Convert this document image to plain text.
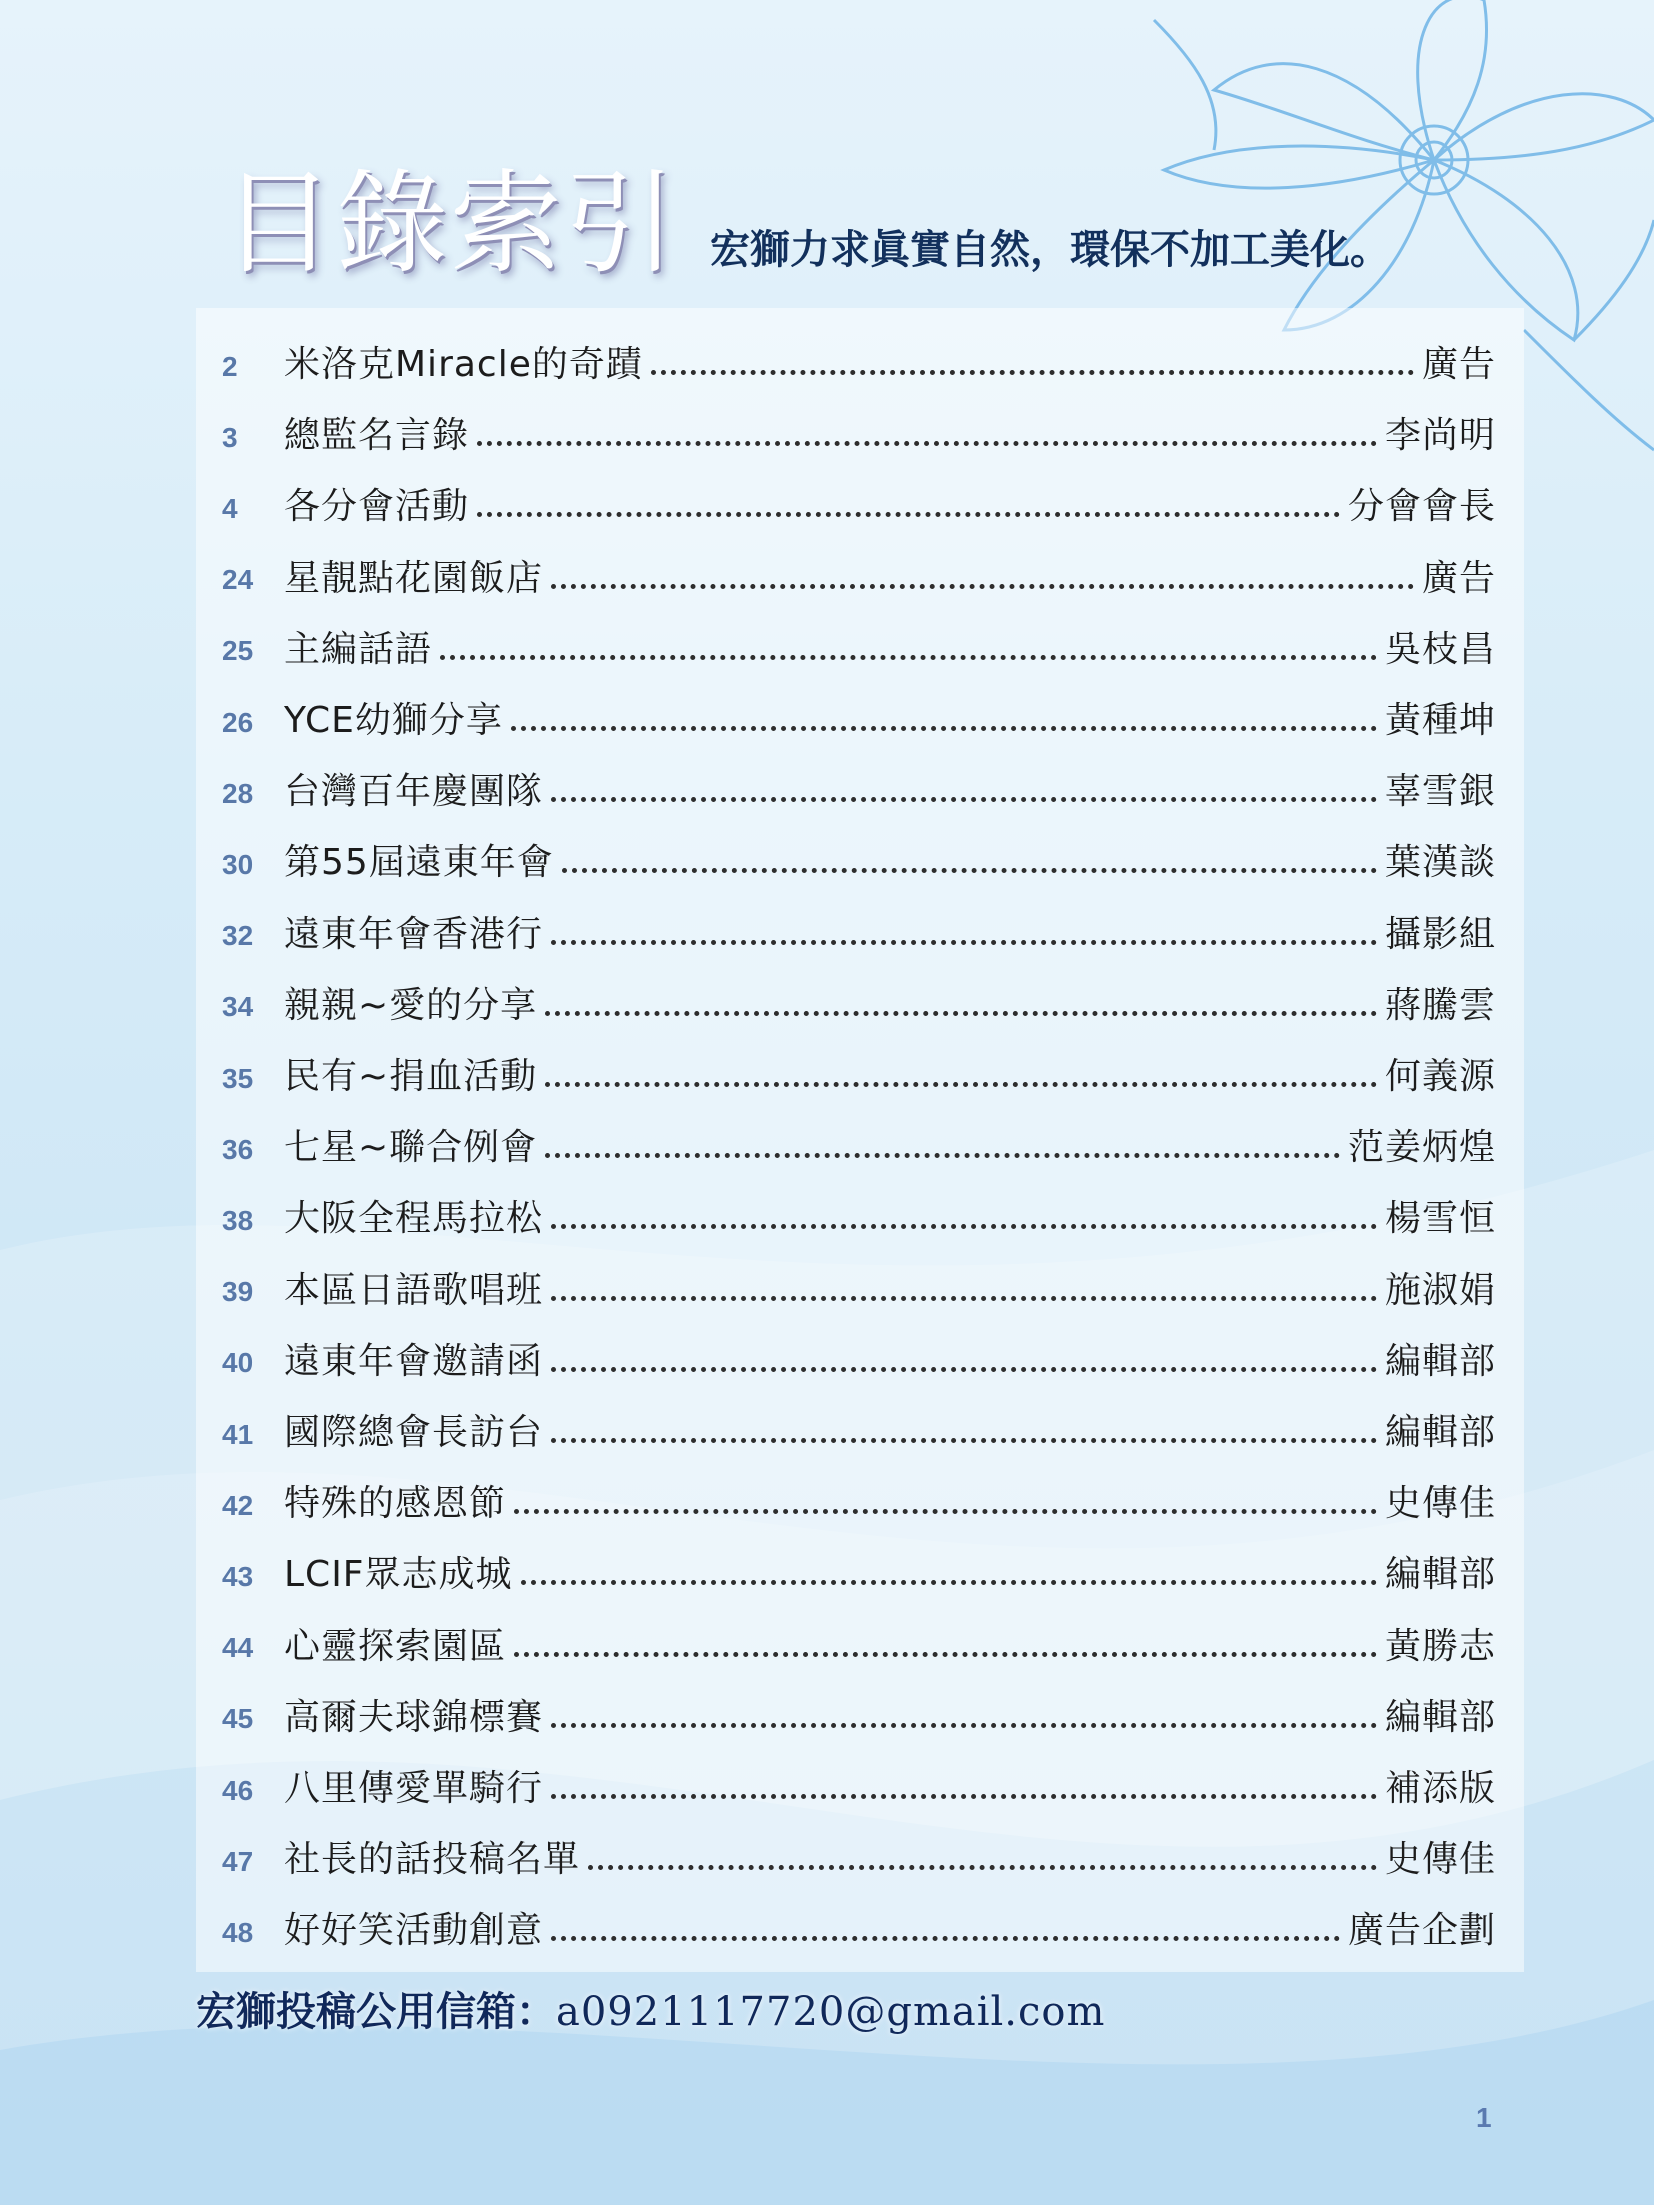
目錄索引 宏獅力求眞實自然，環保不加工美化。
2	米洛克Miracle的奇蹟	廣告
3	總監名言錄	李尚明
4	各分會活動	分會會長
24 星靚點花園飯店	廣告
25 主編話語	吳枝昌
26 YCE幼獅分享	黃種坤
28 台灣百年慶團隊	辜雪銀
30 第55屆遠東年會	葉漢談
32 遠東年會香港行	攝影組
34 親親~愛的分享	蔣騰雲
35 民有~捐血活動	何義源
36 七星~聯合例會	范姜炳煌
38 大阪全程馬拉松	楊雪恒
39 本區日語歌唱班	施淑娟
40 遠東年會邀請函	編輯部
41 國際總會長訪台	編輯部
42 特殊的感恩節	史傳佳
43 LCIF眾志成城	編輯部
44 心靈探索園區	黃勝志
45 高爾夫球錦標賽	編輯部
46 八里傳愛單騎行	補添版
47 社長的話投稿名單	史傳佳
48 好好笑活動創意	廣告企劃
宏獅投稿公用信箱：a0921117720@gmail.com
1
